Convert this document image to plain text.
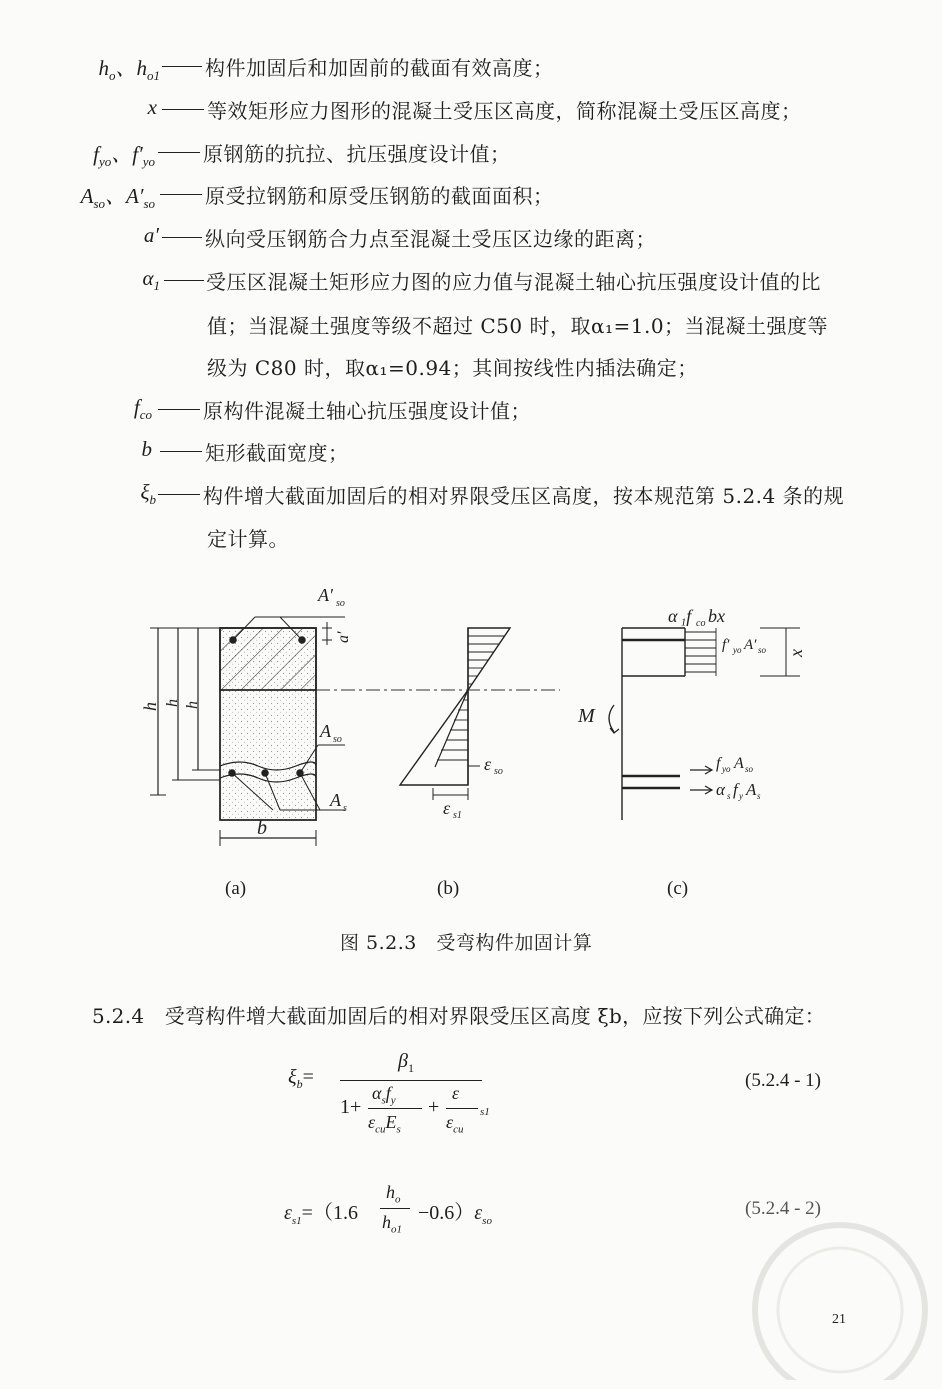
$h_o$、$h_{o1}$ 构件加固后和加固前的截面有效高度；
x	等效矩形应力图形的混凝土受压区高度，简称混凝土受压区高度；
$f_{yo}$、$f'_{yo}$ 原钢筋的抗拉、抗压强度设计值；
$A_{so}$、$A'_{so}$	原受拉钢筋和原受压钢筋的截面面积；
a′ 纵向受压钢筋合力点至混凝土受压区边缘的距离；
$\alpha_1$ 受压区混凝土矩形应力图的应力值与混凝土轴心抗压强度设计值的比
值；当混凝土强度等级不超过 C50 时，取α₁=1.0；当混凝土强度等
级为 C80 时，取α₁=0.94；其间按线性内插法确定；
$f_{co}$	原构件混凝土轴心抗压强度设计值；
b	矩形截面宽度；
$\xi_b$ 构件增大截面加固后的相对界限受压区高度，按本规范第 5.2.4 条的规
定计算。
A′ so
a′
h h h
A so
A s
b
ε so
ε s1
M
α ₁f co bx
f′ yo A′ so x
f yo A so
α s f y A s
(a)	(b)	(c)
图 5.2.3　受弯构件加固计算
5.2.4　受弯构件增大截面加固后的相对界限受压区高度 ξb，应按下列公式确定：
$\xi_b=$
$\beta_1$
1+
$\alpha_sf_y$
$\varepsilon_{cu}E_s$
+
ε
$\varepsilon_{cu}$
s1
(5.2.4 - 1)
$\varepsilon_{s1}=(1.6$
$h_o$
$h_{o1}$
$-0.6)\varepsilon_{so}$
(5.2.4 - 2)
21
